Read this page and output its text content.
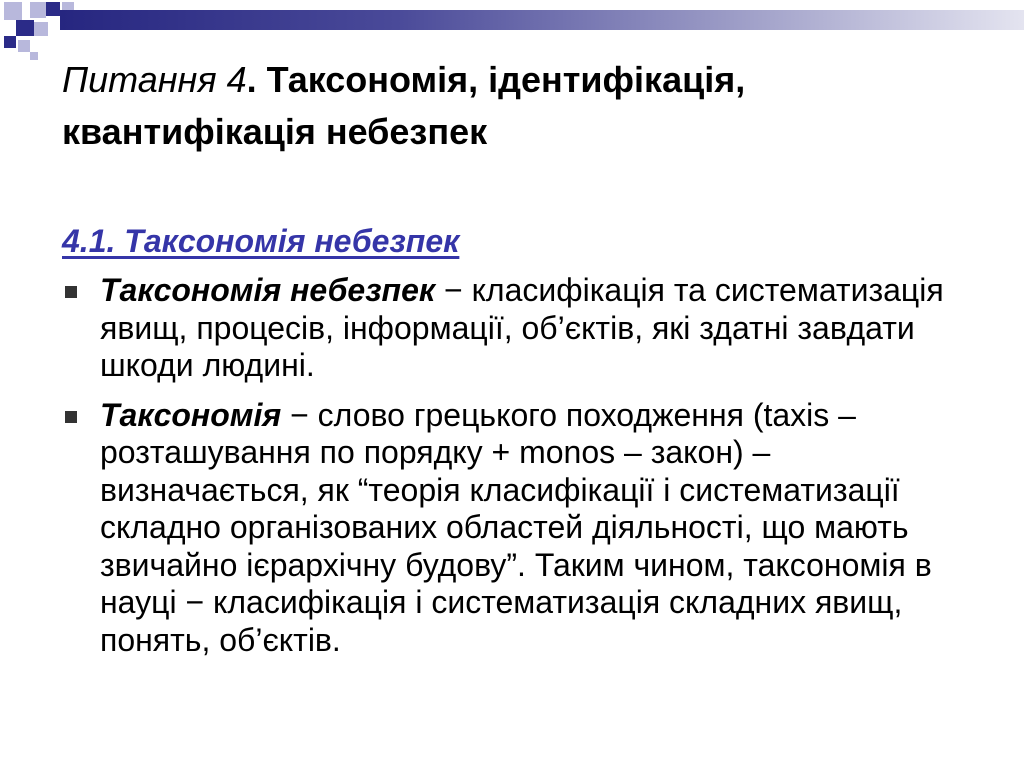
Питання 4. Таксономія, ідентифікація, квантифікація небезпек
4.1. Таксономія небезпек
Таксономія небезпек − класифікація та систематизація явищ, процесів, інформації, об’єктів, які здатні завдати шкоди людині.
Таксономія − слово грецького походження (taxis – розташування по порядку + monos – закон) – визначається, як “теорія класифікації і систематизації складно організованих областей діяльності, що мають звичайно ієрархічну будову”. Таким чином, таксономія в науці − класифікація і систематизація складних явищ, понять, об’єктів.
